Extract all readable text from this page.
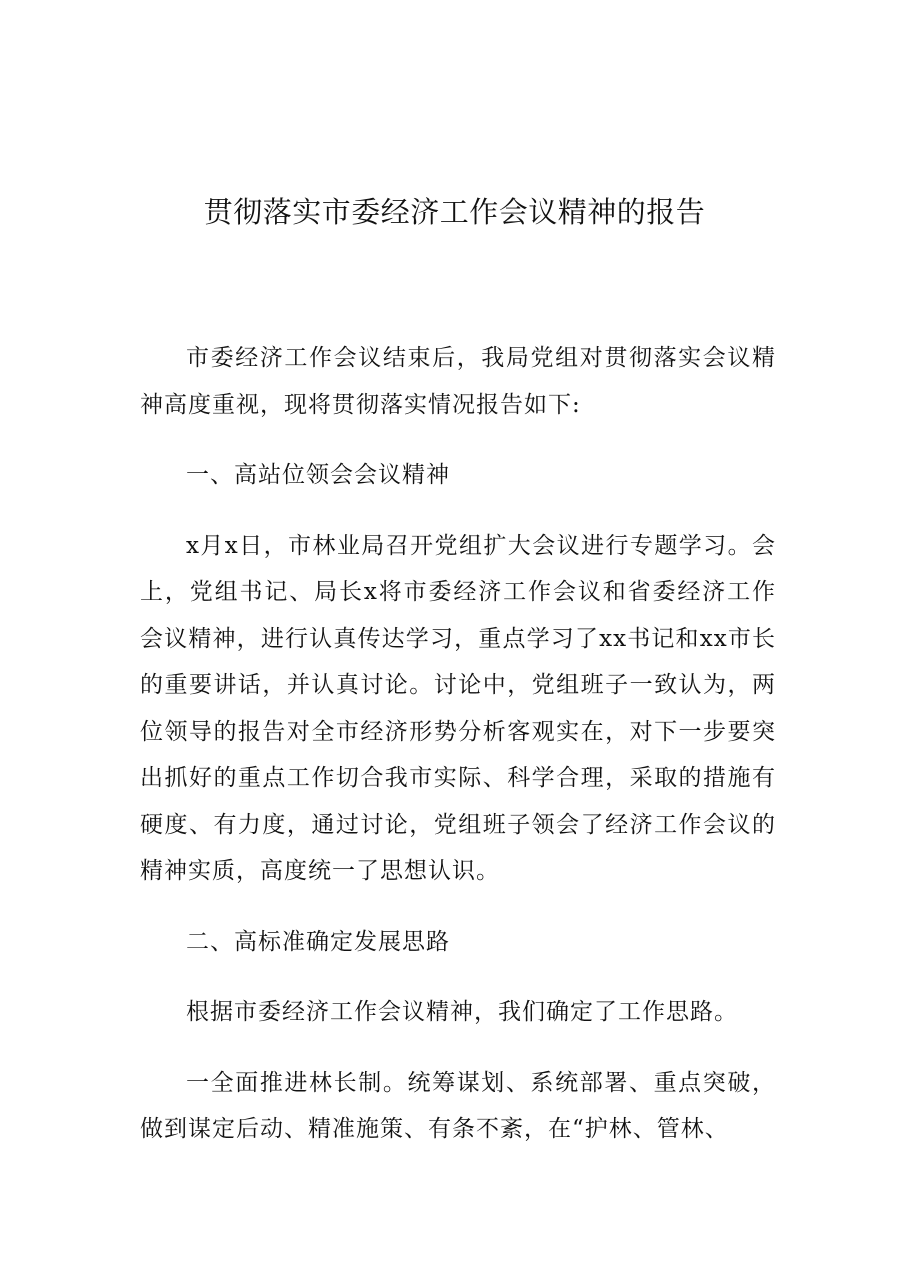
贯彻落实市委经济工作会议精神的报告

市委经济工作会议结束后，我局党组对贯彻落实会议精神高度重视，现将贯彻落实情况报告如下:

一、高站位领会会议精神

x月x日，市林业局召开党组扩大会议进行专题学习。会上，党组书记、局长x将市委经济工作会议和省委经济工作会议精神，进行认真传达学习，重点学习了xx书记和xx市长的重要讲话，并认真讨论。讨论中，党组班子一致认为，两位领导的报告对全市经济形势分析客观实在，对下一步要突出抓好的重点工作切合我市实际、科学合理，采取的措施有硬度、有力度，通过讨论，党组班子领会了经济工作会议的精神实质，高度统一了思想认识。

二、高标准确定发展思路

根据市委经济工作会议精神，我们确定了工作思路。

一全面推进林长制。统筹谋划、系统部署、重点突破，做到谋定后动、精准施策、有条不紊，在“护林、管林、
